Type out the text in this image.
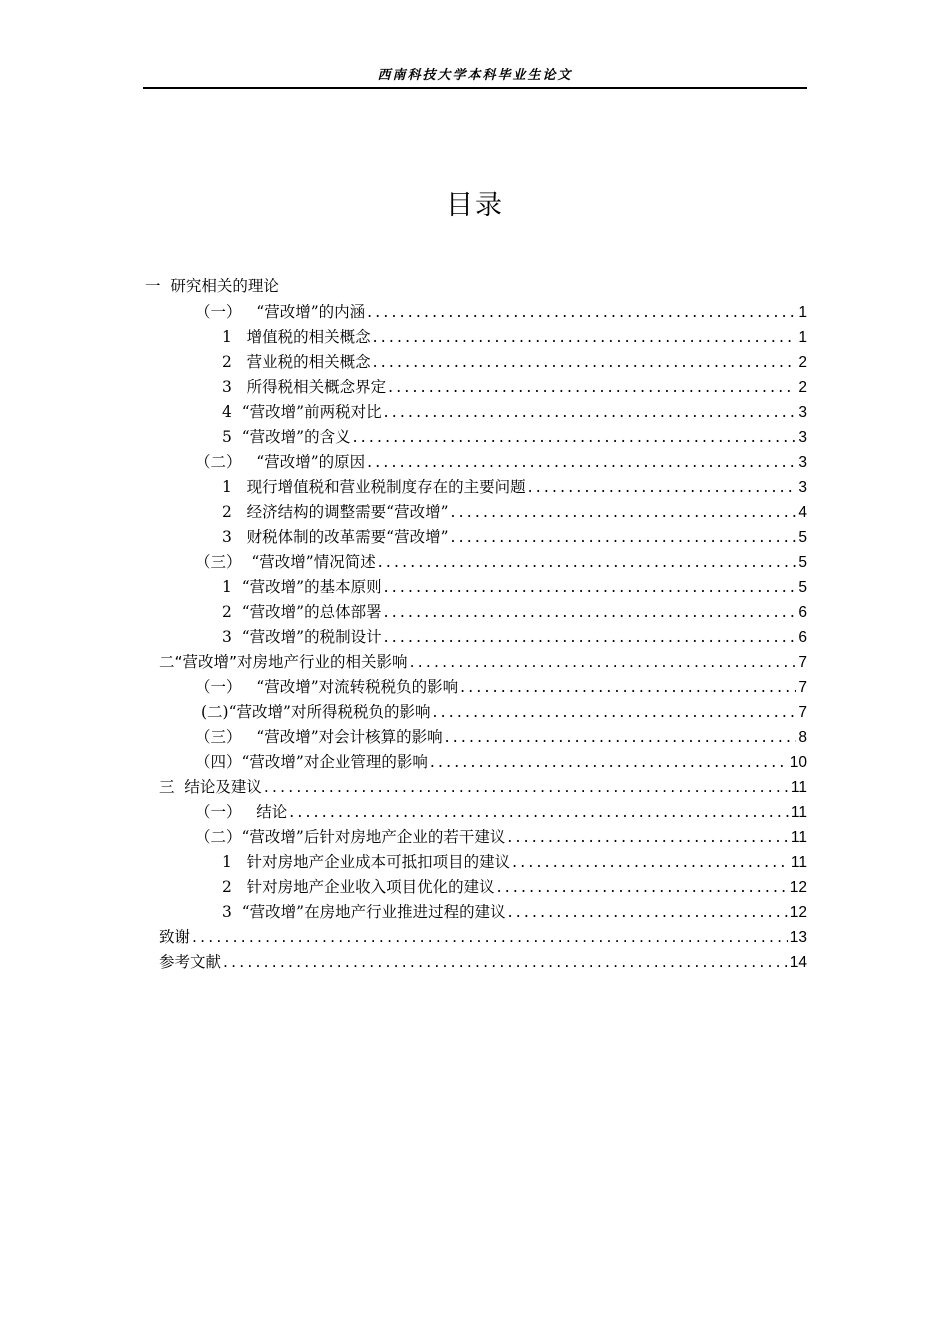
西南科技大学本科毕业生论文
目录
一  研究相关的理论
（一）   “营改增”的内涵 .....	1
1   增值税的相关概念 .....	1
2   营业税的相关概念 .....	2
3   所得税相关概念界定 .....	2
4  “营改增”前两税对比 .....	3
5  “营改增”的含义 .....	3
（二）   “营改增”的原因 .....	3
1   现行增值税和营业税制度存在的主要问题 .....	3
2   经济结构的调整需要“营改增” .....	4
3   财税体制的改革需要“营改增” .....	5
（三）  “营改增”情况简述 .....	5
1  “营改增”的基本原则 .....	5
2  “营改增”的总体部署 .....	6
3  “营改增”的税制设计 .....	6
二“营改增”对房地产行业的相关影响 .....	7
（一）   “营改增”对流转税税负的影响 .....	7
(二)“营改增”对所得税税负的影响 .....	7
（三）   “营改增”对会计核算的影响 .....	8
（四）“营改增”对企业管理的影响 .....	10
三  结论及建议 .....	11
（一）   结论 .....	11
（二）“营改增”后针对房地产企业的若干建议 .....	11
1   针对房地产企业成本可抵扣项目的建议 .....	11
2   针对房地产企业收入项目优化的建议 .....	12
3  “营改增”在房地产行业推进过程的建议 .....	12
致谢 .....	13
参考文献 .....	14
